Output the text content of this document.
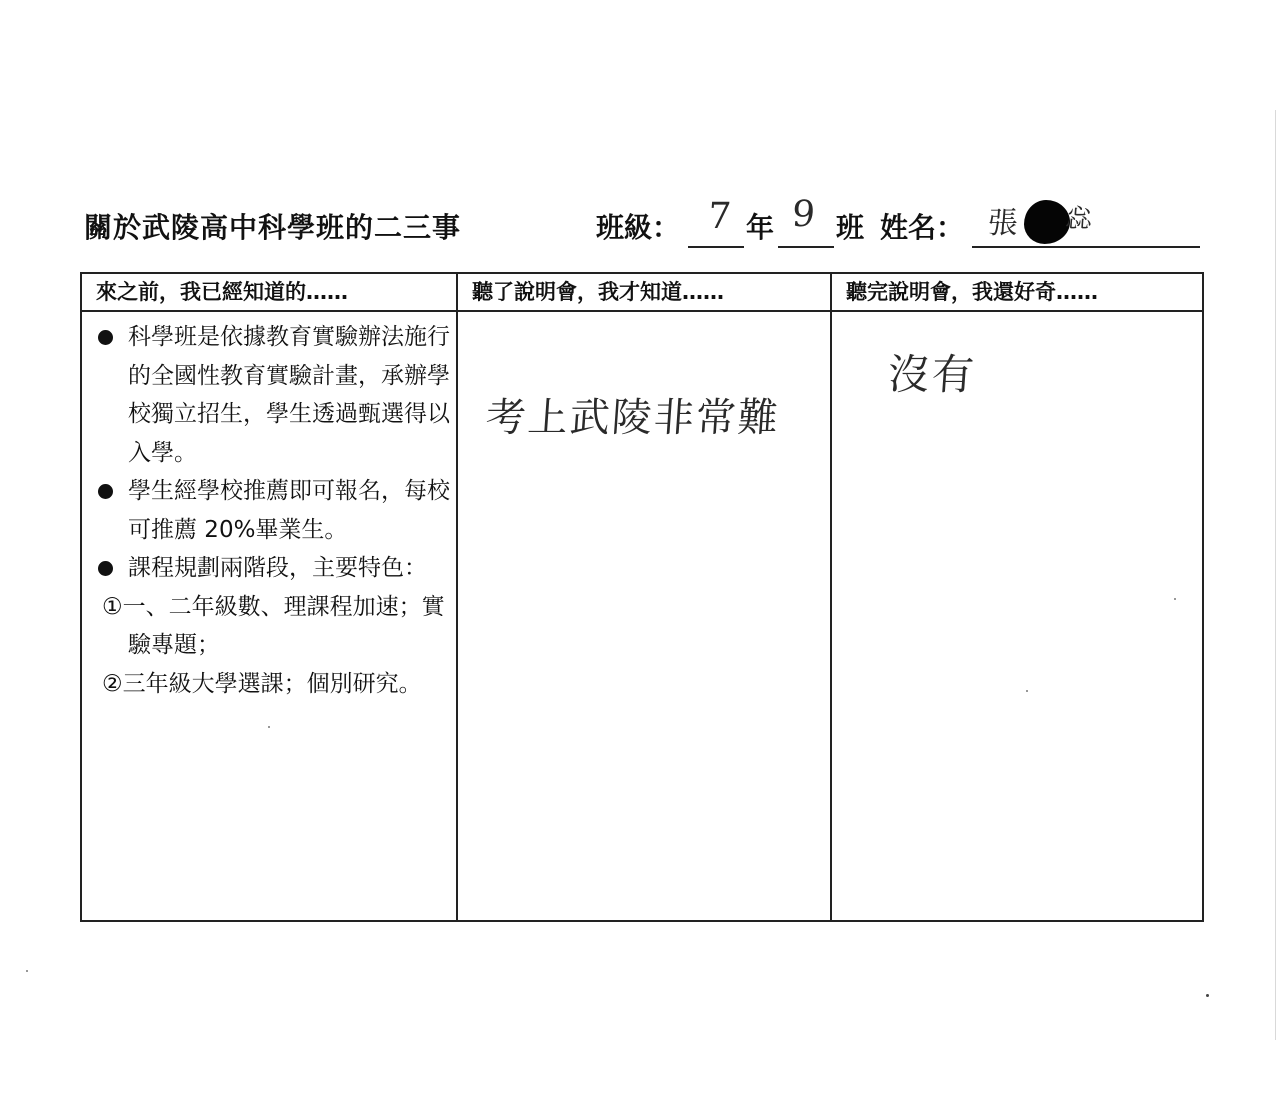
關於武陵高中科學班的二三事	班級： 7 年 9 班 姓名： 張 惢
來之前，我已經知道的……
科學班是依據教育實驗辦法施行的全國性教育實驗計畫，承辦學校獨立招生，學生透過甄選得以入學。
學生經學校推薦即可報名，每校可推薦 20%畢業生。
課程規劃兩階段，主要特色：
①一、二年級數、理課程加速；實驗專題；
②三年級大學選課；個別研究。
聽了說明會，我才知道……
考上武陵非常難
聽完說明會，我還好奇……
沒有
